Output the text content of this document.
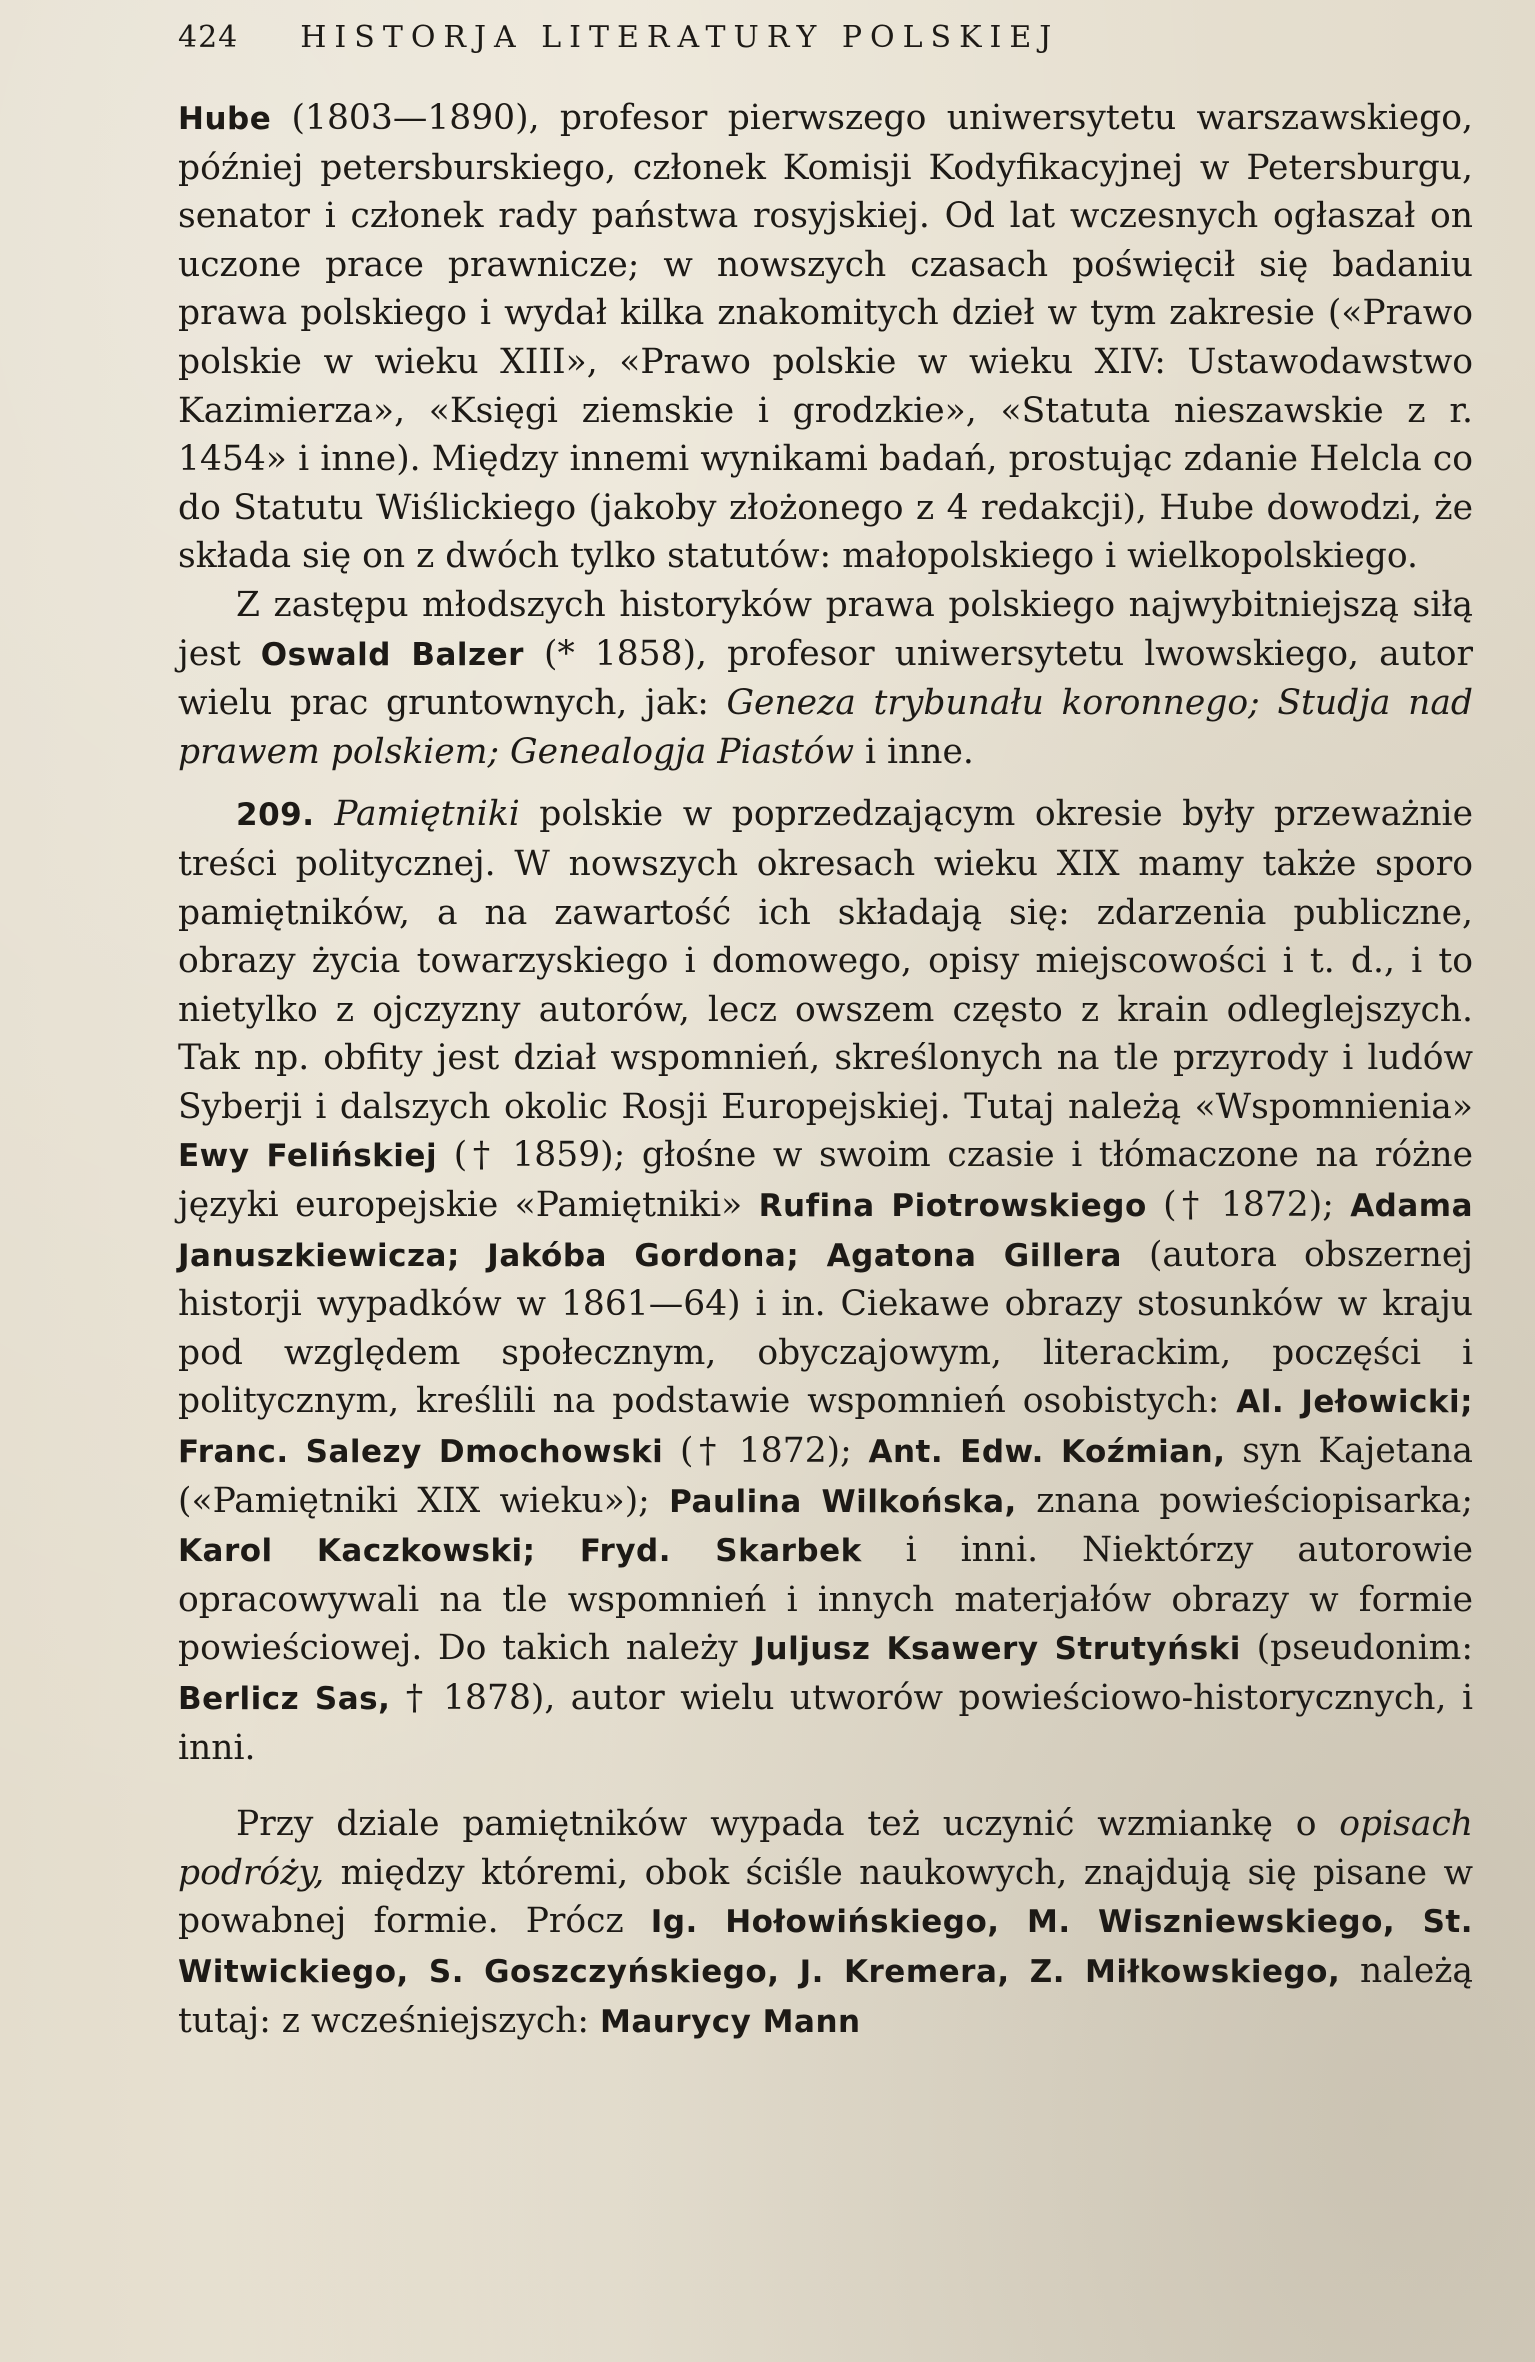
424 HISTORJA LITERATURY POLSKIEJ

Hube (1803—1890), profesor pierwszego uniwersytetu warszawskiego, później petersburskiego, członek Komisji Kodyfikacyjnej w Petersburgu, senator i członek rady państwa rosyjskiej. Od lat wczesnych ogłaszał on uczone prace prawnicze; w nowszych czasach poświęcił się badaniu prawa polskiego i wydał kilka znakomitych dzieł w tym zakresie («Prawo polskie w wieku XIII», «Prawo polskie w wieku XIV: Ustawodawstwo Kazimierza», «Księgi ziemskie i grodzkie», «Statuta nieszawskie z r. 1454» i inne). Między innemi wynikami badań, prostując zdanie Helcla co do Statutu Wiślickiego (jakoby złożonego z 4 redakcji), Hube dowodzi, że składa się on z dwóch tylko statutów: małopolskiego i wielkopolskiego.

Z zastępu młodszych historyków prawa polskiego najwybitniejszą siłą jest Oswald Balzer (* 1858), profesor uniwersytetu lwowskiego, autor wielu prac gruntownych, jak: Geneza trybunału koronnego; Studja nad prawem polskiem; Genealogja Piastów i inne.

209. Pamiętniki polskie w poprzedzającym okresie były przeważnie treści politycznej. W nowszych okresach wieku XIX mamy także sporo pamiętników, a na zawartość ich składają się: zdarzenia publiczne, obrazy życia towarzyskiego i domowego, opisy miejscowości i t. d., i to nietylko z ojczyzny autorów, lecz owszem często z krain odleglejszych. Tak np. obfity jest dział wspomnień, skreślonych na tle przyrody i ludów Syberji i dalszych okolic Rosji Europejskiej. Tutaj należą «Wspomnienia» Ewy Felińskiej († 1859); głośne w swoim czasie i tłómaczone na różne języki europejskie «Pamiętniki» Rufina Piotrowskiego († 1872); Adama Januszkiewicza; Jakóba Gordona; Agatona Gillera (autora obszernej historji wypadków w 1861—64) i in. Ciekawe obrazy stosunków w kraju pod względem społecznym, obyczajowym, literackim, poczęści i politycznym, kreślili na podstawie wspomnień osobistych: Al. Jełowicki; Franc. Salezy Dmochowski († 1872); Ant. Edw. Koźmian, syn Kajetana («Pamiętniki XIX wieku»); Paulina Wilkońska, znana powieściopisarka; Karol Kaczkowski; Fryd. Skarbek i inni. Niektórzy autorowie opracowywali na tle wspomnień i innych materjałów obrazy w formie powieściowej. Do takich należy Juljusz Ksawery Strutyński (pseudonim: Berlicz Sas, † 1878), autor wielu utworów powieściowo-historycznych, i inni.

Przy dziale pamiętników wypada też uczynić wzmiankę o opisach podróży, między któremi, obok ściśle naukowych, znajdują się pisane w powabnej formie. Prócz Ig. Hołowińskiego, M. Wiszniewskiego, St. Witwickiego, S. Goszczyńskiego, J. Kremera, Z. Miłkowskiego, należą tutaj: z wcześniejszych: Maurycy Mann
